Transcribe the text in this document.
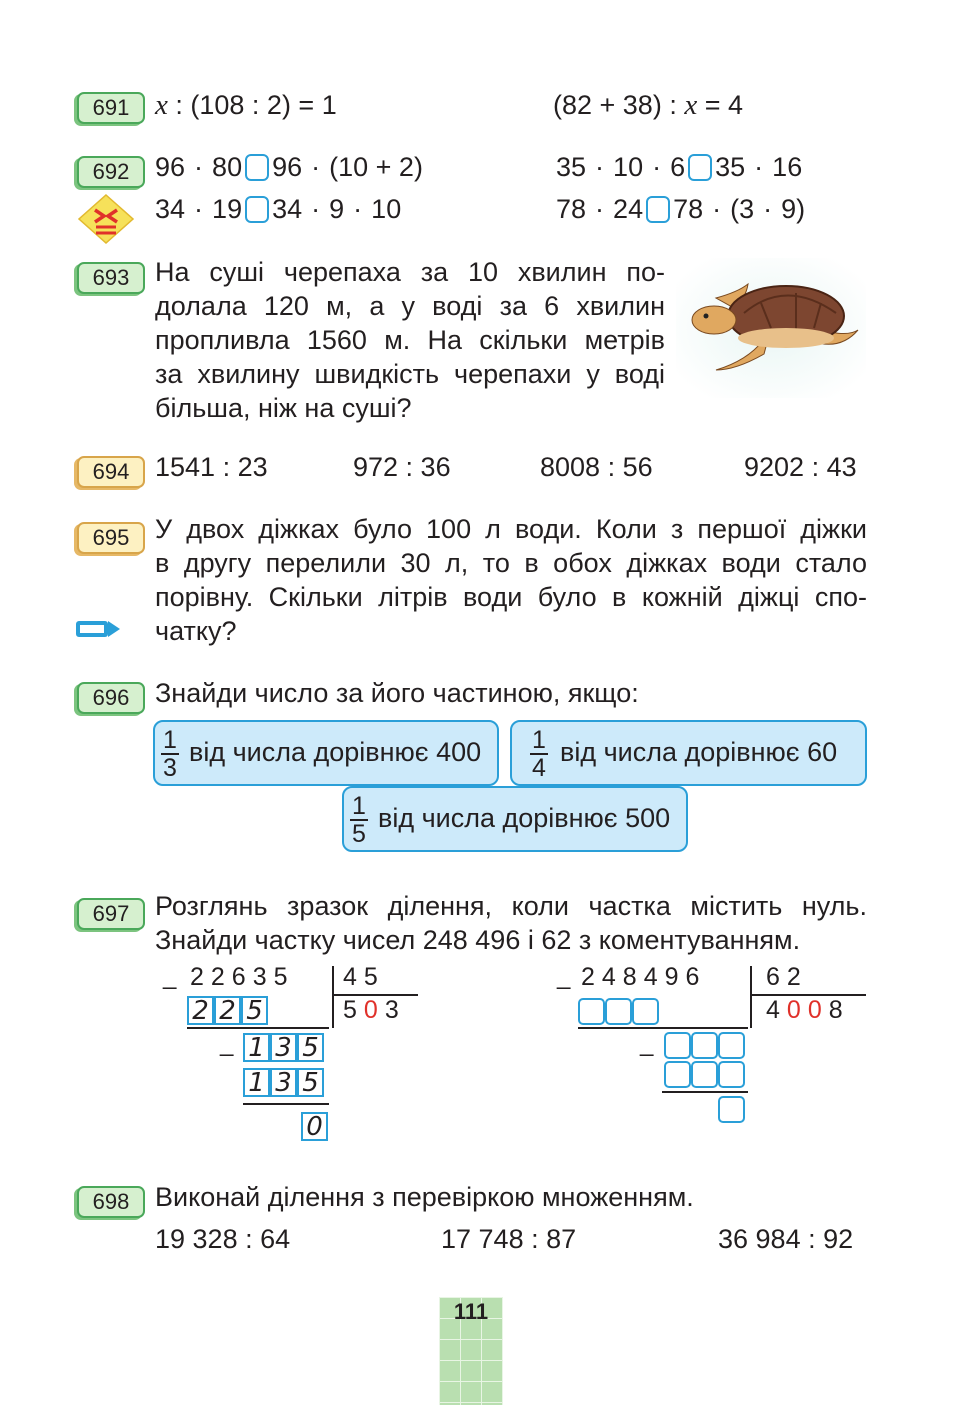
691 x : (108 : 2) = 1	(82 + 38) : x = 4
692 96 · 80 96 · (10 + 2)	35 · 10 · 6 35 · 16
34 · 19 34 · 9 · 10	78 · 24 78 · (3 · 9)
693 На суші черепаха за 10 хвилин по-
долала 120 м, а у воді за 6 хвилин
пропливла 1560 м. На скільки метрів
за хвилину швидкість черепахи у воді
більша, ніж на суші?
694 1541 : 23	972 : 36	8008 : 56	9202 : 43
695 У двох діжках було 100 л води. Коли з першої діжки
в другу перелили 30 л, то в обох діжках води стало
порівну. Скільки літрів води було в кожній діжці спо-
чатку?
696 Знайди число за його частиною, якщо:
1
3
від числа дорівнює 400 1
4
від числа дорівнює 60
1
5
від числа дорівнює 500
697 Розглянь зразок ділення, коли частка містить нуль.
Знайди частку чисел 248 496 і 62 з коментуванням.
_ 22635 45
503
2 2 5
_ 1 3 5
1 3 5
0
_ 248496 62
4008
_
698 Виконай ділення з перевіркою множенням.
19 328 : 64	17 748 : 87	36 984 : 92
111
